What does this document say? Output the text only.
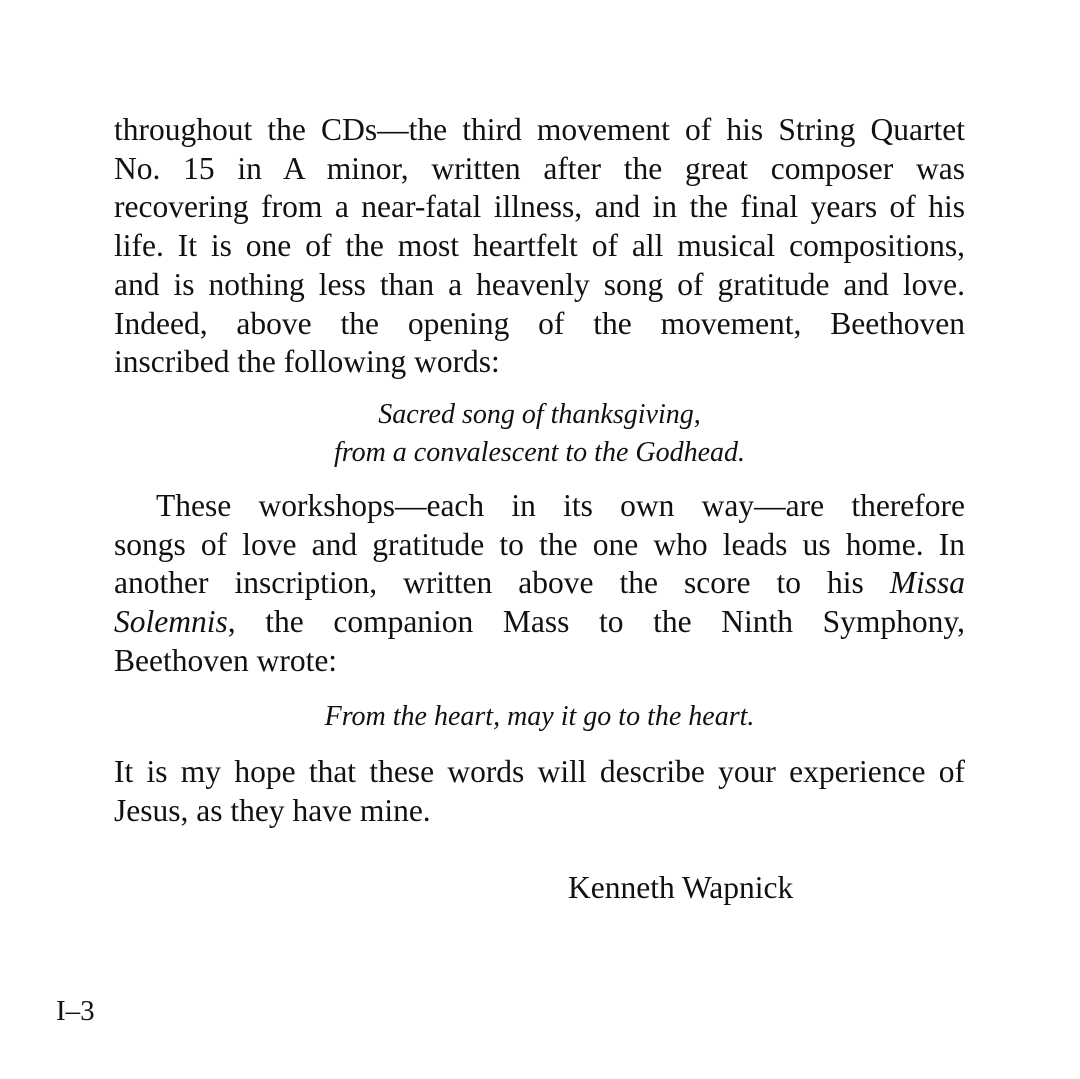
throughout the CDs—the third movement of his String Quartet
No. 15 in A minor, written after the great composer was
recovering from a near-fatal illness, and in the final years of his
life. It is one of the most heartfelt of all musical compositions,
and is nothing less than a heavenly song of gratitude and love.
Indeed, above the opening of the movement, Beethoven
inscribed the following words:
Sacred song of thanksgiving,
from a convalescent to the Godhead.
These workshops—each in its own way—are therefore
songs of love and gratitude to the one who leads us home. In
another inscription, written above the score to his Missa
Solemnis, the companion Mass to the Ninth Symphony,
Beethoven wrote:
From the heart, may it go to the heart.
It is my hope that these words will describe your experience of
Jesus, as they have mine.
Kenneth Wapnick
I–3
